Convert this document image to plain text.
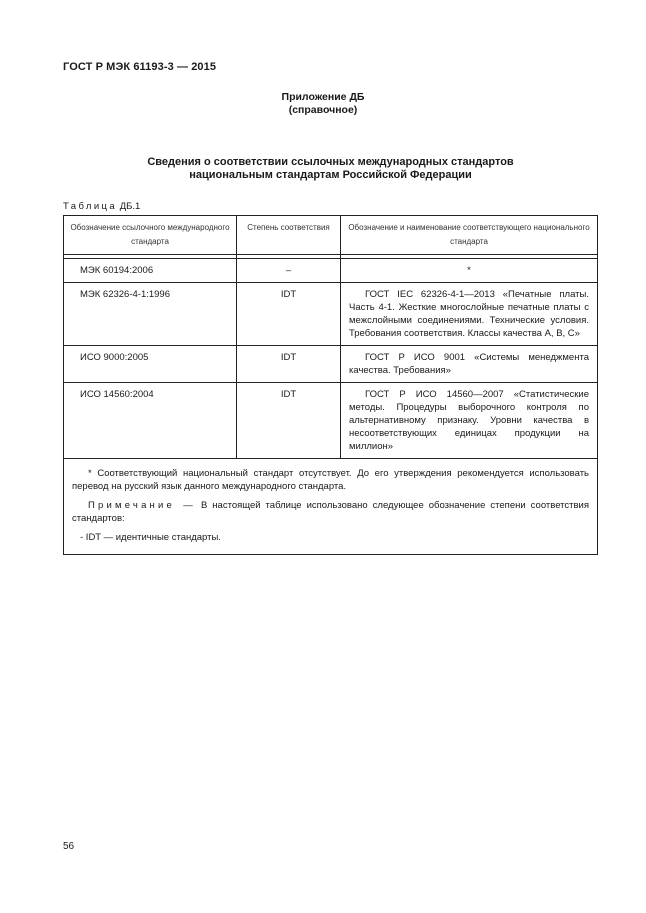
ГОСТ Р МЭК 61193-3 — 2015
Приложение ДБ
(справочное)
Сведения о соответствии ссылочных международных стандартов
национальным стандартам Российской Федерации
Таблица ДБ.1
Обозначение ссылочного международного стандарта	Степень соответствия	Обозначение и наименование соответствующего национального стандарта

МЭК 60194:2006	–	*
МЭК 62326-4-1:1996	IDT	ГОСТ IEC 62326-4-1—2013 «Печатные платы. Часть 4-1. Жесткие многослойные печатные платы с межслойными соединениями. Технические условия. Требования соответствия. Классы качества А, В, С»
ИСО 9000:2005	IDT	ГОСТ Р ИСО 9001 «Системы менеджмента качества. Требования»
ИСО 14560:2004	IDT	ГОСТ Р ИСО 14560—2007 «Статистические методы. Процедуры выборочного контроля по альтернативному признаку. Уровни качества в несоответствующих единицах продукции на миллион»

* Соответствующий национальный стандарт отсутствует. До его утверждения рекомендуется использовать перевод на русский язык данного международного стандарта.

Примечание — В настоящей таблице использовано следующее обозначение степени соответствия стандартов:

- IDT — идентичные стандарты.		

56
